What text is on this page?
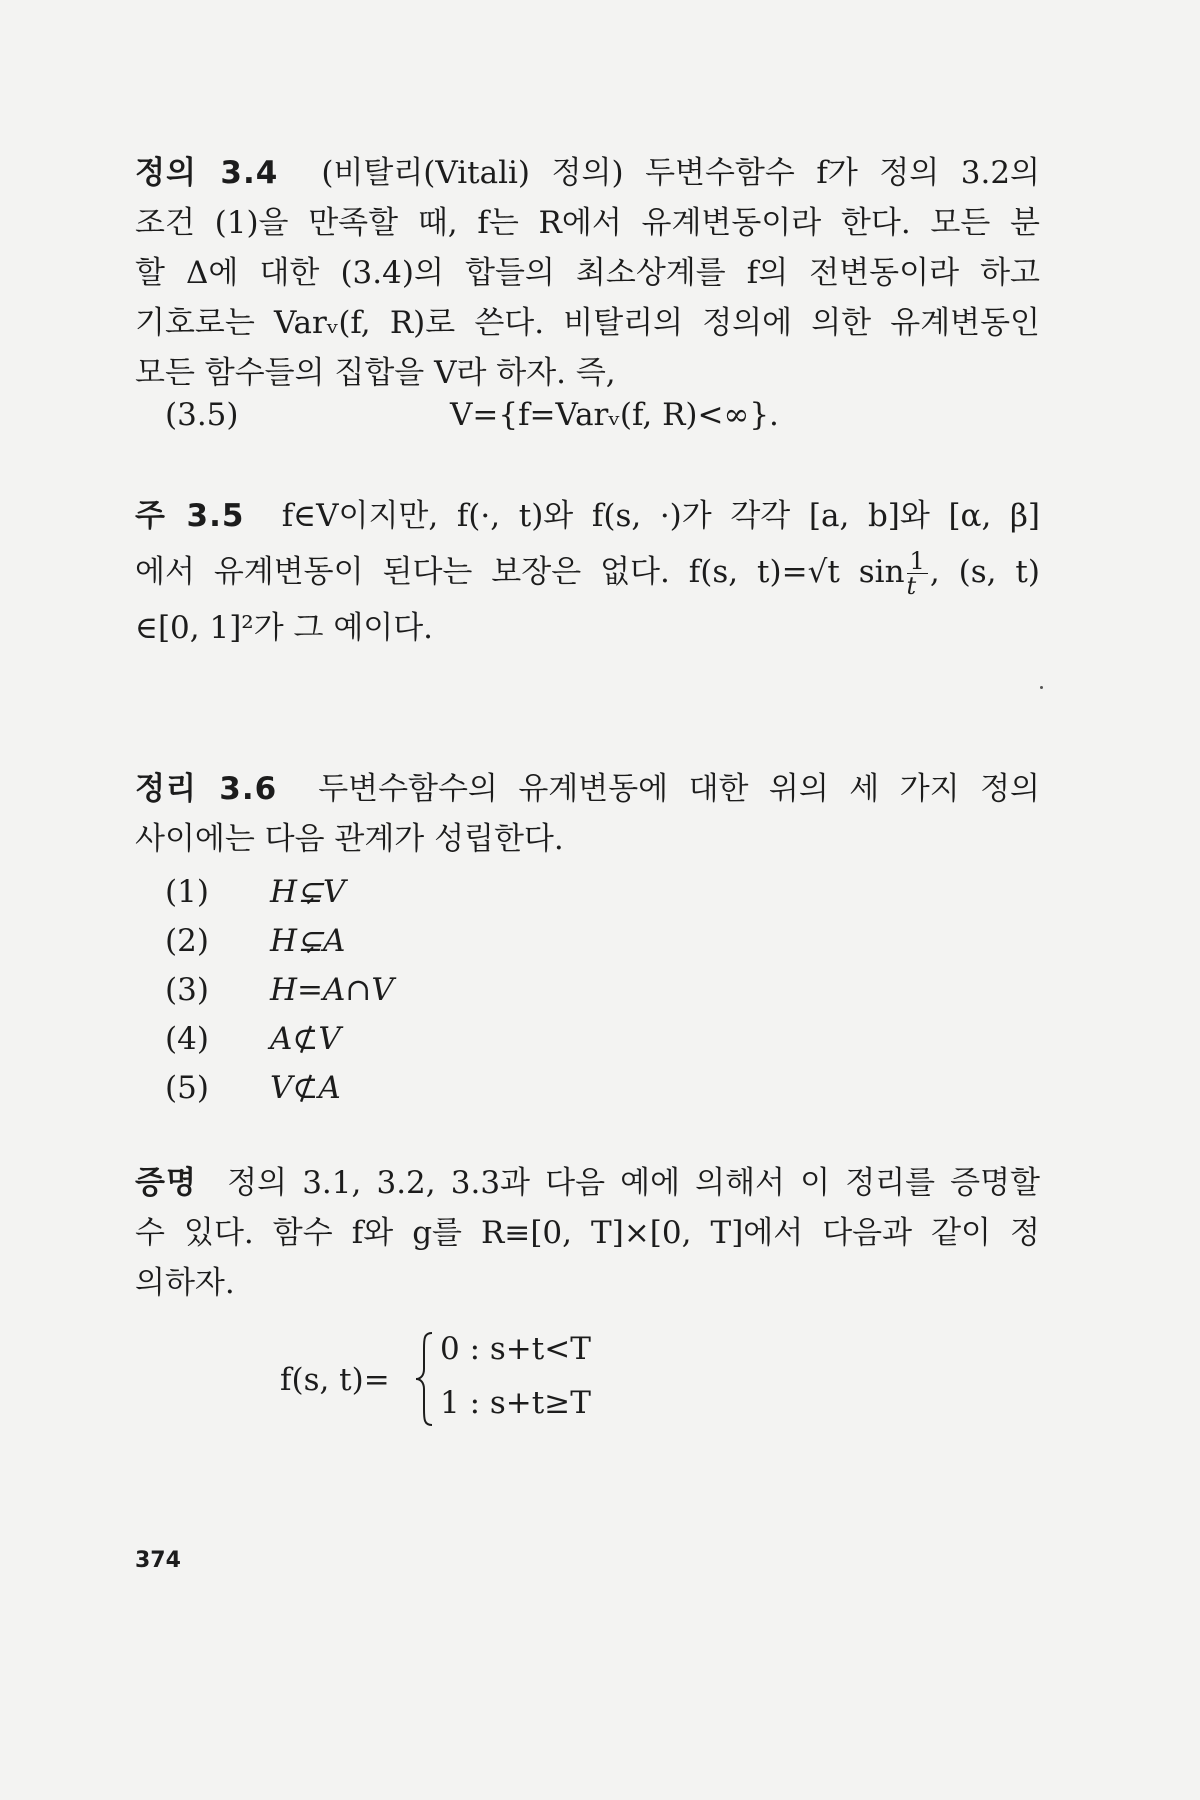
정의 3.4 (비탈리(Vitali) 정의) 두변수함수 f가 정의 3.2의
조건 (1)을 만족할 때, f는 R에서 유계변동이라 한다. 모든 분
할 Δ에 대한 (3.4)의 합들의 최소상계를 f의 전변동이라 하고
기호로는 Varᵥ(f, R)로 쓴다. 비탈리의 정의에 의한 유계변동인
모든 함수들의 집합을 V라 하자. 즉,
(3.5)	V={f=Varᵥ(f, R)<∞}.
주 3.5 f∈V이지만, f(·, t)와 f(s, ·)가 각각 [a, b]와 [α, β]
에서 유계변동이 된다는 보장은 없다. f(s, t)=√t $\sin \frac{1}{t}$ , (s, t)
∈[0, 1]²가 그 예이다.
정리 3.6 두변수함수의 유계변동에 대한 위의 세 가지 정의
사이에는 다음 관계가 성립한다.
(1) H⊊V
(2) H⊊A
(3) H=A∩V
(4) A⊄V
(5) V⊄A
증명 정의 3.1, 3.2, 3.3과 다음 예에 의해서 이 정리를 증명할
수 있다. 함수 f와 g를 R≡[0, T]×[0, T]에서 다음과 같이 정
의하자.
f(s, t)=
0 : s+t<T
1 : s+t≥T
374
